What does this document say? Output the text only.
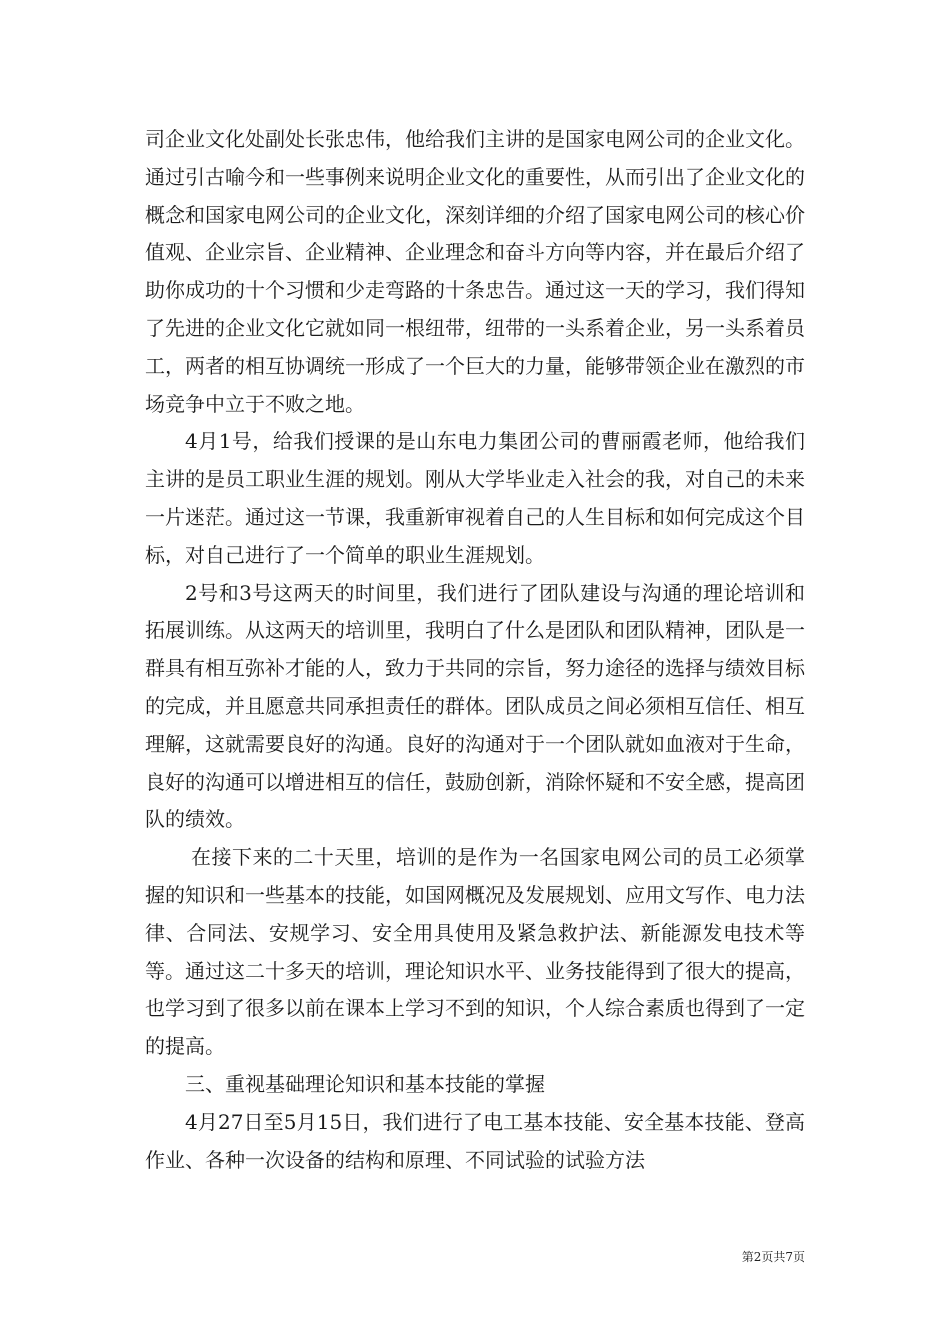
司企业文化处副处长张忠伟，他给我们主讲的是国家电网公司的企业文化。通过引古喻今和一些事例来说明企业文化的重要性，从而引出了企业文化的概念和国家电网公司的企业文化，深刻详细的介绍了国家电网公司的核心价值观、企业宗旨、企业精神、企业理念和奋斗方向等内容，并在最后介绍了助你成功的十个习惯和少走弯路的十条忠告。通过这一天的学习，我们得知了先进的企业文化它就如同一根纽带，纽带的一头系着企业，另一头系着员工，两者的相互协调统一形成了一个巨大的力量，能够带领企业在激烈的市场竞争中立于不败之地。

4月1号，给我们授课的是山东电力集团公司的曹丽霞老师，他给我们主讲的是员工职业生涯的规划。刚从大学毕业走入社会的我，对自己的未来一片迷茫。通过这一节课，我重新审视着自己的人生目标和如何完成这个目标，对自己进行了一个简单的职业生涯规划。

2号和3号这两天的时间里，我们进行了团队建设与沟通的理论培训和拓展训练。从这两天的培训里，我明白了什么是团队和团队精神，团队是一群具有相互弥补才能的人，致力于共同的宗旨，努力途径的选择与绩效目标的完成，并且愿意共同承担责任的群体。团队成员之间必须相互信任、相互理解，这就需要良好的沟通。良好的沟通对于一个团队就如血液对于生命，良好的沟通可以增进相互的信任，鼓励创新，消除怀疑和不安全感，提高团队的绩效。

在接下来的二十天里，培训的是作为一名国家电网公司的员工必须掌握的知识和一些基本的技能，如国网概况及发展规划、应用文写作、电力法律、合同法、安规学习、安全用具使用及紧急救护法、新能源发电技术等等。通过这二十多天的培训，理论知识水平、业务技能得到了很大的提高，也学习到了很多以前在课本上学习不到的知识，个人综合素质也得到了一定的提高。

三、重视基础理论知识和基本技能的掌握

4月27日至5月15日，我们进行了电工基本技能、安全基本技能、登高作业、各种一次设备的结构和原理、不同试验的试验方法

第2页共7页
